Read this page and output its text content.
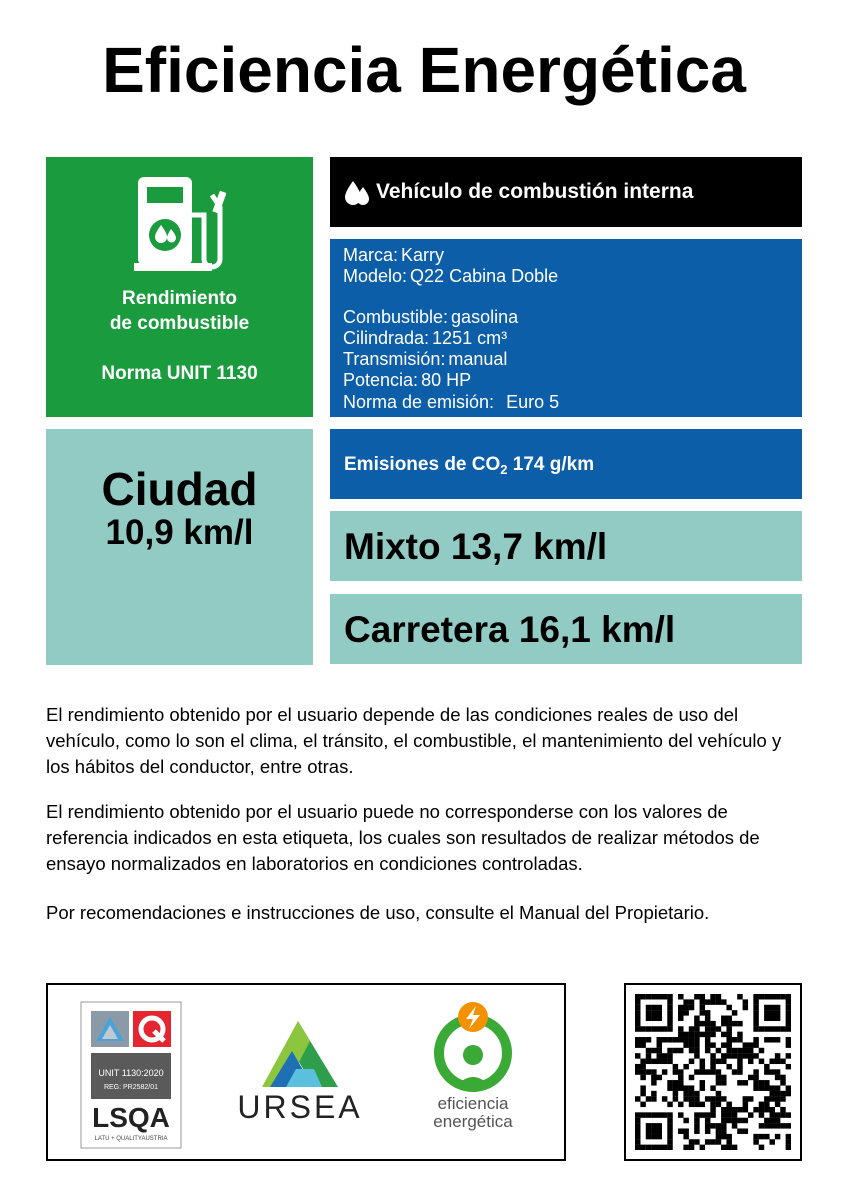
Eficiencia Energética
Rendimiento
de combustible
Norma UNIT 1130
Vehículo de combustión interna
Marca: Karry
Modelo: Q22 Cabina Doble
Combustible: gasolina
Cilindrada: 1251 cm³
Transmisión: manual
Potencia: 80 HP
Norma de emisión: Euro 5
Ciudad
10,9 km/l
Emisiones de $CO_2$ 174 g/km
Mixto 13,7 km/l
Carretera 16,1 km/l
El rendimiento obtenido por el usuario depende de las condiciones reales de uso del vehículo, como lo son el clima, el tránsito, el combustible, el mantenimiento del vehículo y los hábitos del conductor, entre otras.
El rendimiento obtenido por el usuario puede no corresponderse con los valores de referencia indicados en esta etiqueta, los cuales son resultados de realizar métodos de ensayo normalizados en laboratorios en condiciones controladas.
Por recomendaciones e instrucciones de uso, consulte el Manual del Propietario.
UNIT 1130:2020
REG: PR2582/01
LSQA
LATU + QUALITYAUSTRIA
URSEA	eficiencia
energética
